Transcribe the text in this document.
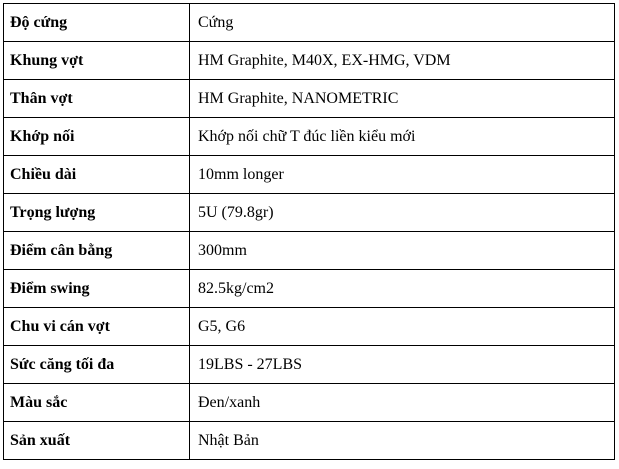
Độ cứng	Cứng
Khung vợt	HM Graphite, M40X, EX-HMG, VDM
Thân vợt	HM Graphite, NANOMETRIC
Khớp nối	Khớp nối chữ T đúc liền kiểu mới
Chiều dài	10mm longer
Trọng lượng	5U (79.8gr)
Điểm cân bằng	300mm
Điểm swing	82.5kg/cm2
Chu vi cán vợt	G5, G6
Sức căng tối đa	19LBS - 27LBS
Màu sắc	Đen/xanh
Sản xuất	Nhật Bản
